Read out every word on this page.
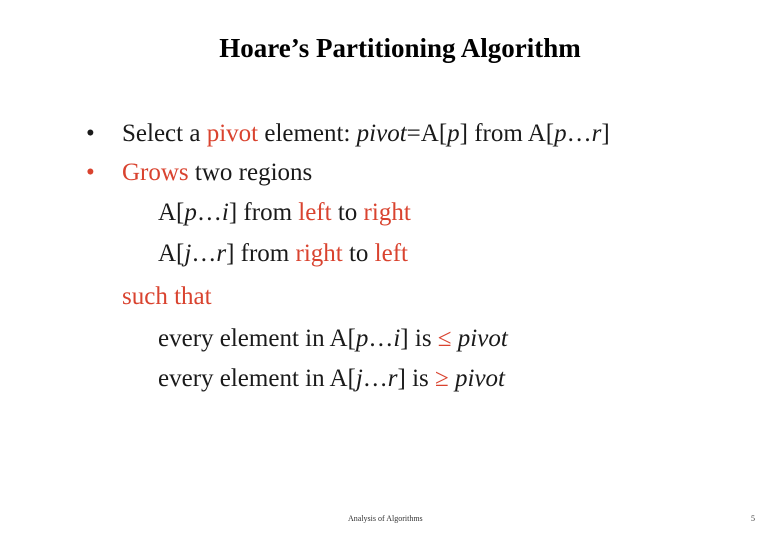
Hoare’s Partitioning Algorithm
•
•
Select a pivot element: pivot=A[p] from A[p…r]
Grows two regions
A[p…i] from left to right
A[j…r] from right to left
such that
every element in A[p…i] is ≤ pivot
every element in A[j…r] is ≥ pivot
Analysis of Algorithms	5
